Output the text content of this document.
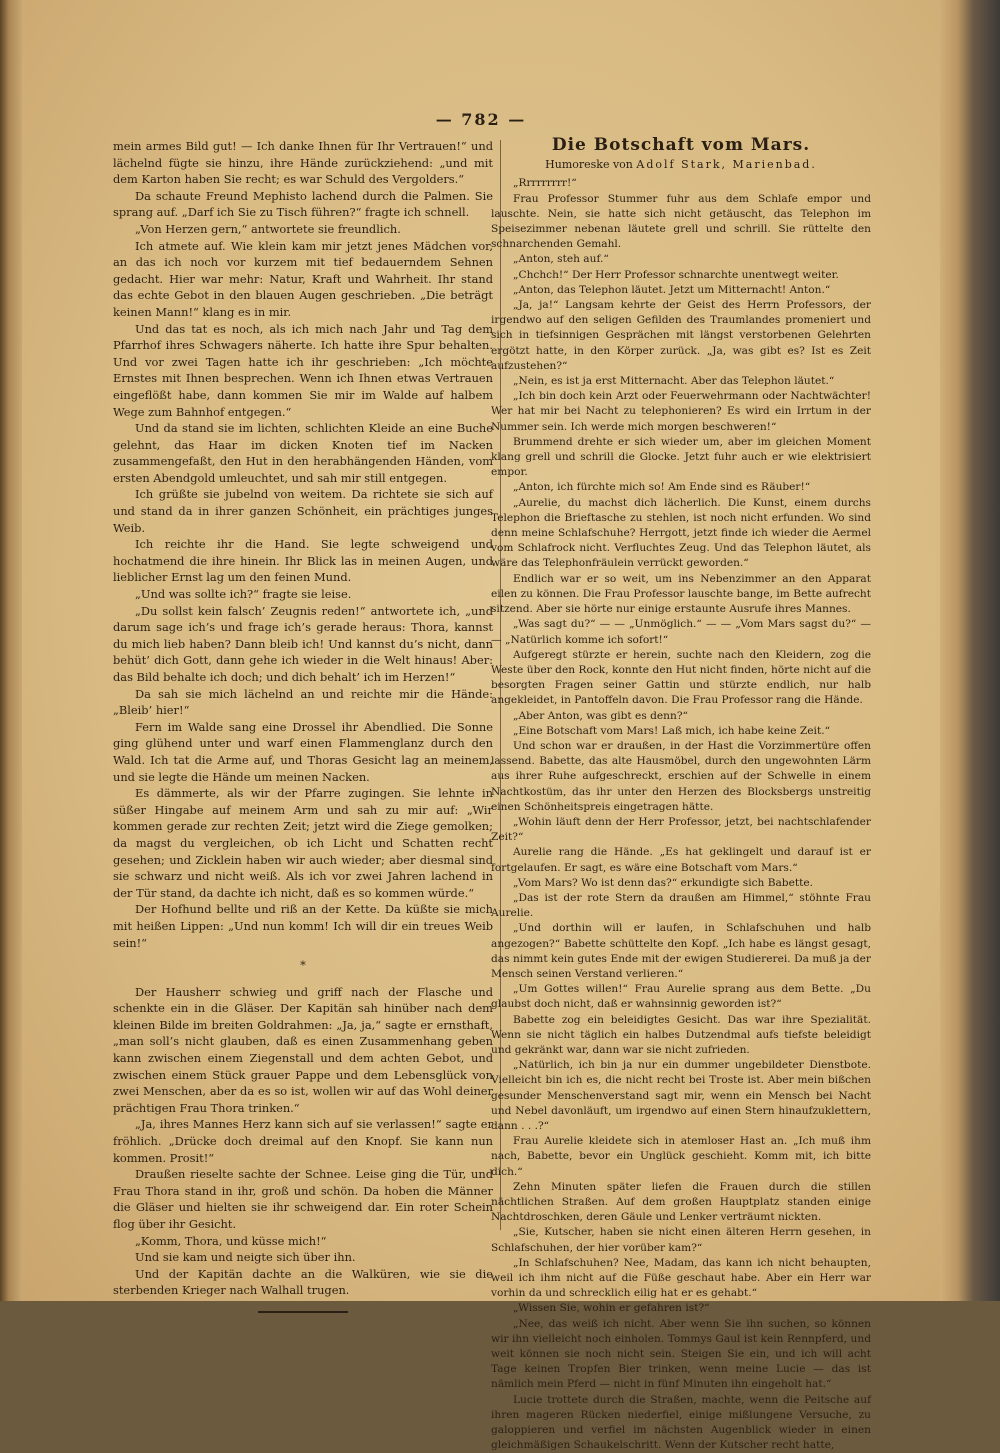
— 782 —

mein armes Bild gut! — Ich danke Ihnen für Ihr Vertrauen!“ und lächelnd fügte sie hinzu, ihre Hände zurückziehend: „und mit dem Karton haben Sie recht; es war Schuld des Vergolders.“

Da schaute Freund Mephisto lachend durch die Palmen. Sie sprang auf. „Darf ich Sie zu Tisch führen?“ fragte ich schnell.

„Von Herzen gern,“ antwortete sie freundlich.

Ich atmete auf. Wie klein kam mir jetzt jenes Mädchen vor, an das ich noch vor kurzem mit tief bedauerndem Sehnen gedacht. Hier war mehr: Natur, Kraft und Wahrheit. Ihr stand das echte Gebot in den blauen Augen geschrieben. „Die beträgt keinen Mann!“ klang es in mir.

Und das tat es noch, als ich mich nach Jahr und Tag dem Pfarrhof ihres Schwagers näherte. Ich hatte ihre Spur behalten. Und vor zwei Tagen hatte ich ihr geschrieben: „Ich möchte Ernstes mit Ihnen besprechen. Wenn ich Ihnen etwas Vertrauen eingeflößt habe, dann kommen Sie mir im Walde auf halbem Wege zum Bahnhof entgegen.“

Und da stand sie im lichten, schlichten Kleide an eine Buche gelehnt, das Haar im dicken Knoten tief im Nacken zusammengefaßt, den Hut in den herabhängenden Händen, vom ersten Abendgold umleuchtet, und sah mir still entgegen.

Ich grüßte sie jubelnd von weitem. Da richtete sie sich auf und stand da in ihrer ganzen Schönheit, ein prächtiges junges Weib.

Ich reichte ihr die Hand. Sie legte schweigend und hochatmend die ihre hinein. Ihr Blick las in meinen Augen, und lieblicher Ernst lag um den feinen Mund.

„Und was sollte ich?“ fragte sie leise.

„Du sollst kein falsch’ Zeugnis reden!“ antwortete ich, „und darum sage ich’s und frage ich’s gerade heraus: Thora, kannst du mich lieb haben? Dann bleib ich! Und kannst du’s nicht, dann behüt’ dich Gott, dann gehe ich wieder in die Welt hinaus! Aber: das Bild behalte ich doch; und dich behalt’ ich im Herzen!“

Da sah sie mich lächelnd an und reichte mir die Hände: „Bleib’ hier!“

Fern im Walde sang eine Drossel ihr Abendlied. Die Sonne ging glühend unter und warf einen Flammenglanz durch den Wald. Ich tat die Arme auf, und Thoras Gesicht lag an meinem, und sie legte die Hände um meinen Nacken.

Es dämmerte, als wir der Pfarre zugingen. Sie lehnte in süßer Hingabe auf meinem Arm und sah zu mir auf: „Wir kommen gerade zur rechten Zeit; jetzt wird die Ziege gemolken; da magst du vergleichen, ob ich Licht und Schatten recht gesehen; und Zicklein haben wir auch wieder; aber diesmal sind sie schwarz und nicht weiß. Als ich vor zwei Jahren lachend in der Tür stand, da dachte ich nicht, daß es so kommen würde.“

Der Hofhund bellte und riß an der Kette. Da küßte sie mich mit heißen Lippen: „Und nun komm! Ich will dir ein treues Weib sein!“

*

Der Hausherr schwieg und griff nach der Flasche und schenkte ein in die Gläser. Der Kapitän sah hinüber nach dem kleinen Bilde im breiten Goldrahmen: „Ja, ja,“ sagte er ernsthaft, „man soll’s nicht glauben, daß es einen Zusammenhang geben kann zwischen einem Ziegenstall und dem achten Gebot, und zwischen einem Stück grauer Pappe und dem Lebensglück von zwei Menschen, aber da es so ist, wollen wir auf das Wohl deiner prächtigen Frau Thora trinken.“

„Ja, ihres Mannes Herz kann sich auf sie verlassen!“ sagte er fröhlich. „Drücke doch dreimal auf den Knopf. Sie kann nun kommen. Prosit!“

Draußen rieselte sachte der Schnee. Leise ging die Tür, und Frau Thora stand in ihr, groß und schön. Da hoben die Männer die Gläser und hielten sie ihr schweigend dar. Ein roter Schein flog über ihr Gesicht.

„Komm, Thora, und küsse mich!“

Und sie kam und neigte sich über ihn.

Und der Kapitän dachte an die Walküren, wie sie die sterbenden Krieger nach Walhall trugen.

Die Botschaft vom Mars.

Humoreske von Adolf Stark, Marienbad.

„Rrrrrrrrr!“

Frau Professor Stummer fuhr aus dem Schlafe empor und lauschte. Nein, sie hatte sich nicht getäuscht, das Telephon im Speisezimmer nebenan läutete grell und schrill. Sie rüttelte den schnarchenden Gemahl.

„Anton, steh auf.“

„Chchch!“ Der Herr Professor schnarchte unentwegt weiter.

„Anton, das Telephon läutet. Jetzt um Mitternacht! Anton.“

„Ja, ja!“ Langsam kehrte der Geist des Herrn Professors, der irgendwo auf den seligen Gefilden des Traumlandes promeniert und sich in tiefsinnigen Gesprächen mit längst verstorbenen Gelehrten ergötzt hatte, in den Körper zurück. „Ja, was gibt es? Ist es Zeit aufzustehen?“

„Nein, es ist ja erst Mitternacht. Aber das Telephon läutet.“

„Ich bin doch kein Arzt oder Feuerwehrmann oder Nachtwächter! Wer hat mir bei Nacht zu telephonieren? Es wird ein Irrtum in der Nummer sein. Ich werde mich morgen beschweren!“

Brummend drehte er sich wieder um, aber im gleichen Moment klang grell und schrill die Glocke. Jetzt fuhr auch er wie elektrisiert empor.

„Anton, ich fürchte mich so! Am Ende sind es Räuber!“

„Aurelie, du machst dich lächerlich. Die Kunst, einem durchs Telephon die Brieftasche zu stehlen, ist noch nicht erfunden. Wo sind denn meine Schlafschuhe? Herrgott, jetzt finde ich wieder die Aermel vom Schlafrock nicht. Verfluchtes Zeug. Und das Telephon läutet, als wäre das Telephonfräulein verrückt geworden.“

Endlich war er so weit, um ins Nebenzimmer an den Apparat eilen zu können. Die Frau Professor lauschte bange, im Bette aufrecht sitzend. Aber sie hörte nur einige erstaunte Ausrufe ihres Mannes.

„Was sagt du?“ — — „Unmöglich.“ — — „Vom Mars sagst du?“ — — „Natürlich komme ich sofort!“

Aufgeregt stürzte er herein, suchte nach den Kleidern, zog die Weste über den Rock, konnte den Hut nicht finden, hörte nicht auf die besorgten Fragen seiner Gattin und stürzte endlich, nur halb angekleidet, in Pantoffeln davon. Die Frau Professor rang die Hände.

„Aber Anton, was gibt es denn?“

„Eine Botschaft vom Mars! Laß mich, ich habe keine Zeit.“

Und schon war er draußen, in der Hast die Vorzimmertüre offen lassend. Babette, das alte Hausmöbel, durch den ungewohnten Lärm aus ihrer Ruhe aufgeschreckt, erschien auf der Schwelle in einem Nachtkostüm, das ihr unter den Herzen des Blocksbergs unstreitig einen Schönheitspreis eingetragen hätte.

„Wohin läuft denn der Herr Professor, jetzt, bei nachtschlafender Zeit?“

Aurelie rang die Hände. „Es hat geklingelt und darauf ist er fortgelaufen. Er sagt, es wäre eine Botschaft vom Mars.“

„Vom Mars? Wo ist denn das?“ erkundigte sich Babette.

„Das ist der rote Stern da draußen am Himmel,“ stöhnte Frau Aurelie.

„Und dorthin will er laufen, in Schlafschuhen und halb angezogen?“ Babette schüttelte den Kopf. „Ich habe es längst gesagt, das nimmt kein gutes Ende mit der ewigen Studiererei. Da muß ja der Mensch seinen Verstand verlieren.“

„Um Gottes willen!“ Frau Aurelie sprang aus dem Bette. „Du glaubst doch nicht, daß er wahnsinnig geworden ist?“

Babette zog ein beleidigtes Gesicht. Das war ihre Spezialität. Wenn sie nicht täglich ein halbes Dutzendmal aufs tiefste beleidigt und gekränkt war, dann war sie nicht zufrieden.

„Natürlich, ich bin ja nur ein dummer ungebildeter Dienstbote. Vielleicht bin ich es, die nicht recht bei Troste ist. Aber mein bißchen gesunder Menschenverstand sagt mir, wenn ein Mensch bei Nacht und Nebel davonläuft, um irgendwo auf einen Stern hinaufzuklettern, dann . . .?“

Frau Aurelie kleidete sich in atemloser Hast an. „Ich muß ihm nach, Babette, bevor ein Unglück geschieht. Komm mit, ich bitte dich.“

Zehn Minuten später liefen die Frauen durch die stillen nächtlichen Straßen. Auf dem großen Hauptplatz standen einige Nachtdroschken, deren Gäule und Lenker verträumt nickten.

„Sie, Kutscher, haben sie nicht einen älteren Herrn gesehen, in Schlafschuhen, der hier vorüber kam?“

„In Schlafschuhen? Nee, Madam, das kann ich nicht behaupten, weil ich ihm nicht auf die Füße geschaut habe. Aber ein Herr war vorhin da und schrecklich eilig hat er es gehabt.“

„Wissen Sie, wohin er gefahren ist?“

„Nee, das weiß ich nicht. Aber wenn Sie ihn suchen, so können wir ihn vielleicht noch einholen. Tommys Gaul ist kein Rennpferd, und weit können sie noch nicht sein. Steigen Sie ein, und ich will acht Tage keinen Tropfen Bier trinken, wenn meine Lucie — das ist nämlich mein Pferd — nicht in fünf Minuten ihn eingeholt hat.“

Lucie trottete durch die Straßen, machte, wenn die Peitsche auf ihren mageren Rücken niederfiel, einige mißlungene Versuche, zu galoppieren und verfiel im nächsten Augenblick wieder in einen gleichmäßigen Schaukelschritt. Wenn der Kutscher recht hatte,
